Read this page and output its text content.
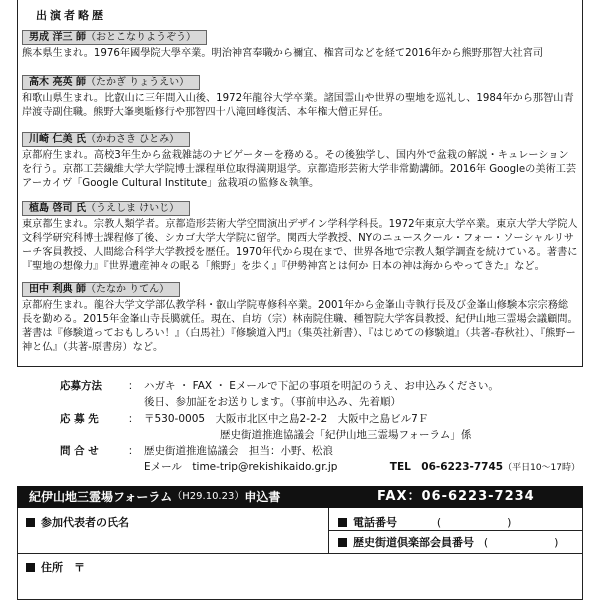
出演者略歴
男成 洋三 師（おとこなりようぞう）
熊本県生まれ。1976年國學院大學卒業。明治神宮奉職から禰宜、権宮司などを経て2016年から熊野那智大社宮司
高木 亮英 師（たかぎ りょうえい）
和歌山県生まれ。比叡山に三年間入山後、1972年龍谷大学卒業。諸国霊山や世界の聖地を巡礼し、1984年から那智山青岸渡寺副住職。熊野大峯奥駈修行や那智四十八滝回峰復活、本年権大僧正昇任。
川崎 仁美 氏（かわさき ひとみ）
京都府生まれ。高校3年生から盆栽雑誌のナビゲーターを務める。その後独学し、国内外で盆栽の解説・キュレーションを行う。京都工芸繊維大学大学院博士課程単位取得満期退学。京都造形芸術大学非常勤講師。2016年 Googleの美術工芸アーカイヴ「Google Cultural Institute」盆栽項の監修＆執筆。
植島 啓司 氏（うえしま けいじ）
東京都生まれ。宗教人類学者。京都造形芸術大学空間演出デザイン学科学科長。1972年東京大学卒業。東京大学大学院人文科学研究科博士課程修了後、シカゴ大学大学院に留学。関西大学教授、NYのニュースクール・フォー・ソーシャルリサーチ客員教授、人間総合科学大学教授を歴任。1970年代から現在まで、世界各地で宗教人類学調査を続けている。著書に『聖地の想像力』『世界遺産神々の眠る「熊野」を歩く』『伊勢神宮とは何か 日本の神は海からやってきた』など。
田中 利典 師（たなか りてん）
京都府生まれ。龍谷大学文学部仏教学科・叡山学院専修科卒業。2001年から金峯山寺執行長及び金峯山修験本宗宗務総長を勤める。2015年金峯山寺長臈就任。現在、自坊（宗）林南院住職、種智院大学客員教授、紀伊山地三霊場会議顧問。著書は『修験道っておもしろい！』（白馬社）『修験道入門』（集英社新書）、『はじめての修験道』（共著-春秋社）、『熊野ー神と仏』（共著-原書房）など。
応募方法	： ハガキ ・ FAX ・ Eメールで下記の事項を明記のうえ、お申込みください。
後日、参加証をお送りします。（事前申込み、先着順）
応 募 先	： 〒530-0005　大阪市北区中之島2-2-2　大阪中之島ビル7Ｆ
歴史街道推進協議会「紀伊山地三霊場フォーラム」係
問 合 せ	： 歴史街道推進協議会　担当：小野、松浪
Eメール　time-trip@rekishikaido.gr.jp	TEL　06-6223-7745（平日10〜17時）
紀伊山地三霊場フォーラム （H29.10.23） 申込書	FAX：06-6223-7234
参加代表者の氏名	電話番号	(　　　　　　)
歴史街道倶楽部会員番号 (　　　　　　)
住所　〒
